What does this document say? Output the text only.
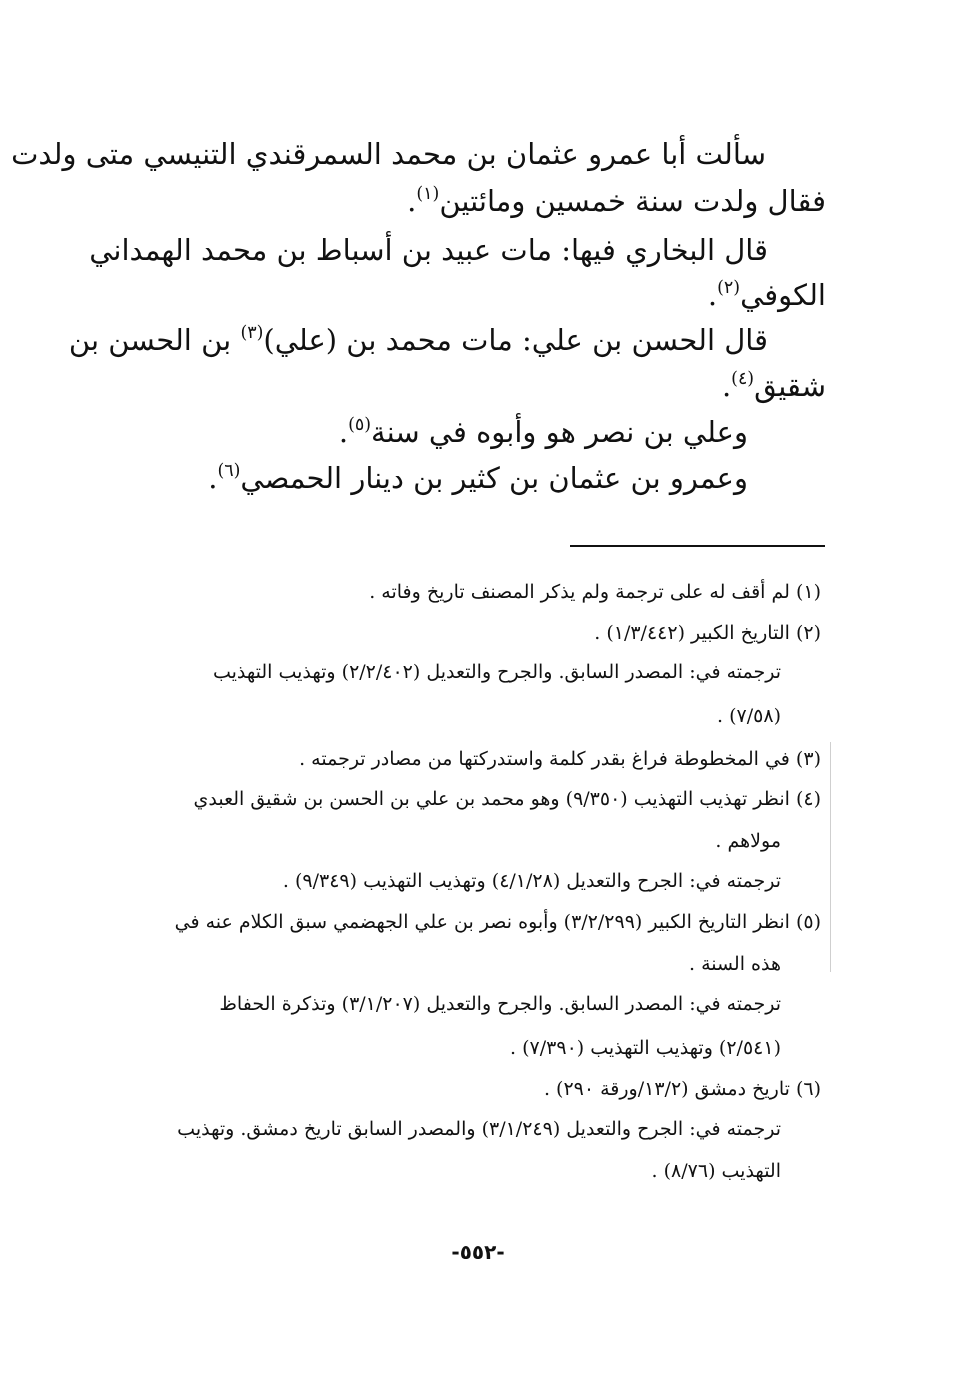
سألت أبا عمرو عثمان بن محمد السمرقندي التنيسي متى ولدت
فقال ولدت سنة خمسين ومائتين$^{(١)}$.
قال البخاري فيها: مات عبيد بن أسباط بن محمد الهمداني
الكوفي$^{(٢)}$.
قال الحسن بن علي: مات محمد بن (علي)$^{(٣)}$ بن الحسن بن
شقيق$^{(٤)}$.
وعلي بن نصر هو وأبوه في سنة$^{(٥)}$.
وعمرو بن عثمان بن كثير بن دينار الحمصي$^{(٦)}$.
(١) لم أقف له على ترجمة ولم يذكر المصنف تاريخ وفاته .
(٢) التاريخ الكبير (١/٣/٤٤٢) .
ترجمته في: المصدر السابق. والجرح والتعديل (٢/٢/٤٠٢) وتهذيب التهذيب
(٧/٥٨) .
(٣) في المخطوطة فراغ بقدر كلمة واستدركتها من مصادر ترجمته .
(٤) انظر تهذيب التهذيب (٩/٣٥٠) وهو محمد بن علي بن الحسن بن شقيق العبدي
مولاهم .
ترجمته في: الجرح والتعديل (٤/١/٢٨) وتهذيب التهذيب (٩/٣٤٩) .
(٥) انظر التاريخ الكبير (٣/٢/٢٩٩) وأبوه نصر بن علي الجهضمي سبق الكلام عنه في
هذه السنة .
ترجمته في: المصدر السابق. والجرح والتعديل (٣/١/٢٠٧) وتذكرة الحفاظ
(٢/٥٤١) وتهذيب التهذيب (٧/٣٩٠) .
(٦) تاريخ دمشق (١٣/٢/ورقة ٢٩٠) .
ترجمته في: الجرح والتعديل (٣/١/٢٤٩) والمصدر السابق تاريخ دمشق. وتهذيب
التهذيب (٨/٧٦) .
-٥٥٢-
